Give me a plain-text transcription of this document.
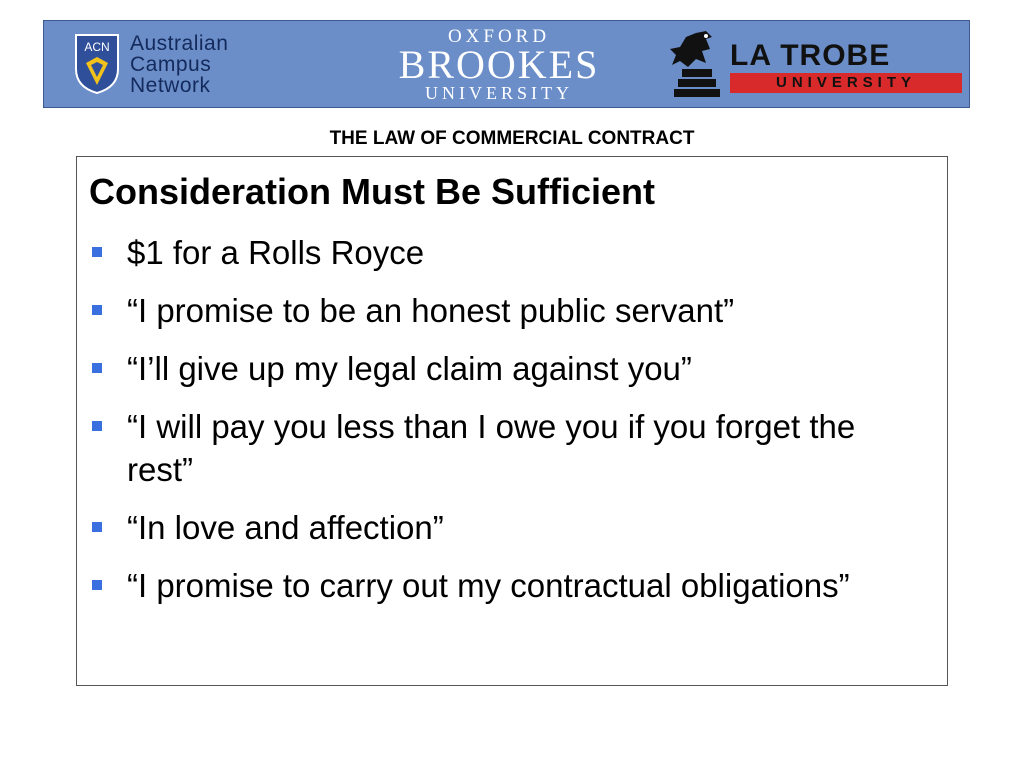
ACN Australian
Campus
Network
OXFORD
BROOKES
UNIVERSITY
LA TROBE
UNIVERSITY
THE LAW OF COMMERCIAL CONTRACT
Consideration Must Be Sufficient
$1 for a Rolls Royce
“I promise to be an honest public servant”
“I’ll give up my legal claim against you”
“I will pay you less than I owe you if you forget the rest”
“In love and affection”
“I promise to carry out my contractual obligations”
